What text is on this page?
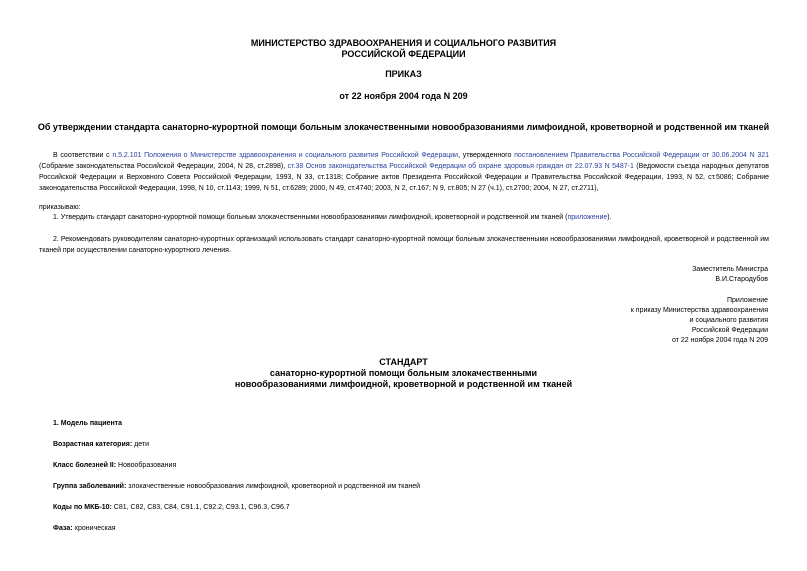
МИНИСТЕРСТВО ЗДРАВООХРАНЕНИЯ И СОЦИАЛЬНОГО РАЗВИТИЯ
РОССИЙСКОЙ ФЕДЕРАЦИИ
ПРИКАЗ
от 22 ноября 2004 года N 209
Об утверждении стандарта санаторно-курортной помощи больным злокачественными новообразованиями лимфоидной, кроветворной и родственной им тканей
В соответствии с п.5.2.101 Положения о Министерстве здравоохранения и социального развития Российской Федерации, утвержденного постановлением Правительства Российской Федерации от 30.06.2004 N 321 (Собрание законодательства Российской Федерации, 2004, N 28, ст.2898), ст.38 Основ законодательства Российской Федерации об охране здоровья граждан от 22.07.93 N 5487-1 (Ведомости съезда народных депутатов Российской Федерации и Верховного Совета Российской Федерации, 1993, N 33, ст.1318; Собрание актов Президента Российской Федерации и Правительства Российской Федерации, 1993, N 52, ст.5086; Собрание законодательства Российской Федерации, 1998, N 10, ст.1143; 1999, N 51, ст.6289; 2000, N 49, ст.4740; 2003, N 2, ст.167; N 9, ст.805; N 27 (ч.1), ст.2700; 2004, N 27, ст.2711),
приказываю:
1. Утвердить стандарт санаторно-курортной помощи больным злокачественными новообразованиями лимфоидной, кроветворной и родственной им тканей (приложение).
2. Рекомендовать руководителям санаторно-курортных организаций использовать стандарт санаторно-курортной помощи больным злокачественными новообразованиями лимфоидной, кроветворной и родственной им тканей при осуществлении санаторно-курортного лечения.
Заместитель Министра
В.И.Стародубов
Приложение
к приказу Министерства здравоохранения
и социального развития
Российской Федерации
от 22 ноября 2004 года N 209
СТАНДАРТ
санаторно-курортной помощи больным злокачественными
новообразованиями лимфоидной, кроветворной и родственной им тканей
1. Модель пациента
Возрастная категория: дети
Класс болезней II: Новообразования
Группа заболеваний: злокачественные новообразования лимфоидной, кроветворной и родственной им тканей
Коды по МКБ-10: C81, C82, C83, C84, C91.1, C92.2, C93.1, C96.3, C96.7
Фаза: хроническая
